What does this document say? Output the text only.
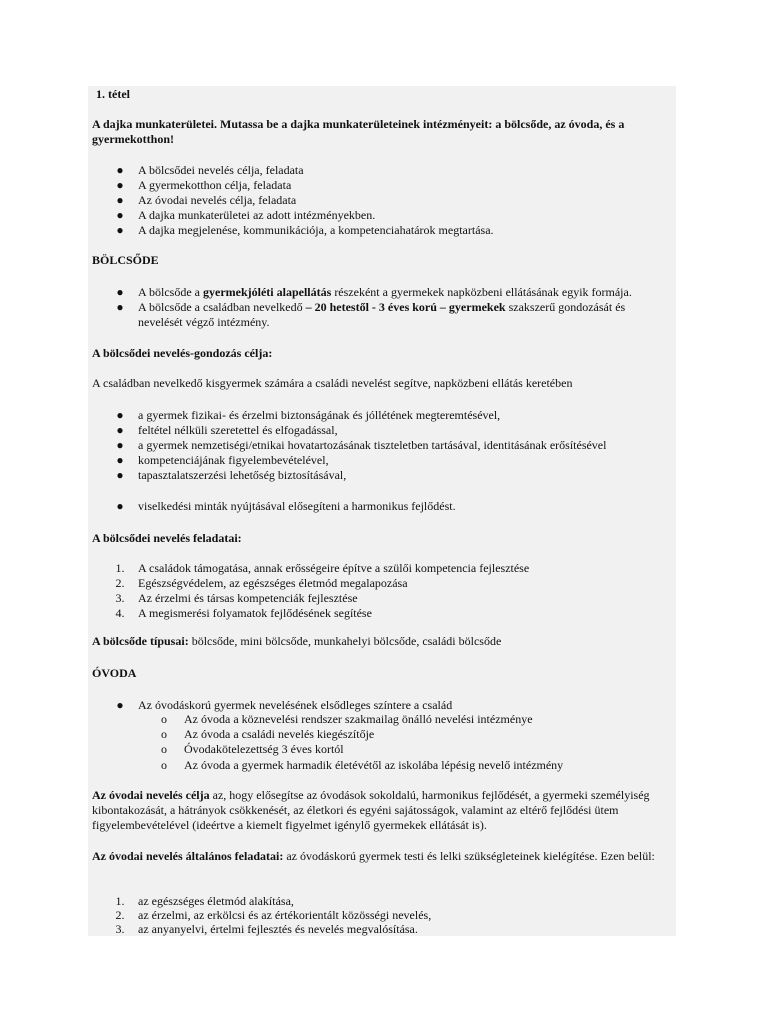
1. tétel

A dajka munkaterületei. Mutassa be a dajka munkaterületeinek intézményeit: a bölcsőde, az óvoda, és a gyermekotthon!

●	A bölcsődei nevelés célja, feladata
●	A gyermekotthon célja, feladata
●	Az óvodai nevelés célja, feladata
●	A dajka munkaterületei az adott intézményekben.
●	A dajka megjelenése, kommunikációja, a kompetenciahatárok megtartása.
BÖLCSŐDE
●	A bölcsőde a gyermekjóléti alapellátás részeként a gyermekek napközbeni ellátásának egyik formája.
●	A bölcsőde a családban nevelkedő – 20 hetestől - 3 éves korú – gyermekek szakszerű gondozását és nevelését végző intézmény.
A bölcsődei nevelés-gondozás célja:
A családban nevelkedő kisgyermek számára a családi nevelést segítve, napközbeni ellátás keretében
●	a gyermek fizikai- és érzelmi biztonságának és jóllétének megteremtésével,
●	feltétel nélküli szeretettel és elfogadással,
●	a gyermek nemzetiségi/etnikai hovatartozásának tiszteletben tartásával, identitásának erősítésével
●	kompetenciájának figyelembevételével,
●	tapasztalatszerzési lehetőség biztosításával,
●	viselkedési minták nyújtásával elősegíteni a harmonikus fejlődést.
A bölcsődei nevelés feladatai:
1. A családok támogatása, annak erősségeire építve a szülői kompetencia fejlesztése
2. Egészségvédelem, az egészséges életmód megalapozása
3. Az érzelmi és társas kompetenciák fejlesztése
4. A megismerési folyamatok fejlődésének segítése
A bölcsőde típusai: bölcsőde, mini bölcsőde, munkahelyi bölcsőde, családi bölcsőde
ÓVODA
●	Az óvodáskorú gyermek nevelésének elsődleges színtere a család
o	Az óvoda a köznevelési rendszer szakmailag önálló nevelési intézménye
o	Az óvoda a családi nevelés kiegészítője
o	Óvodakötelezettség 3 éves kortól
o	Az óvoda a gyermek harmadik életévétől az iskolába lépésig nevelő intézmény

Az óvodai nevelés célja az, hogy elősegítse az óvodások sokoldalú, harmonikus fejlődését, a gyermeki személyiség kibontakozását, a hátrányok csökkenését, az életkori és egyéni sajátosságok, valamint az eltérő fejlődési ütem figyelembevételével (ideértve a kiemelt figyelmet igénylő gyermekek ellátását is).

Az óvodai nevelés általános feladatai: az óvodáskorú gyermek testi és lelki szükségleteinek kielégítése. Ezen belül:

1. az egészséges életmód alakítása,
2. az érzelmi, az erkölcsi és az értékorientált közösségi nevelés,
3. az anyanyelvi, értelmi fejlesztés és nevelés megvalósítása.
